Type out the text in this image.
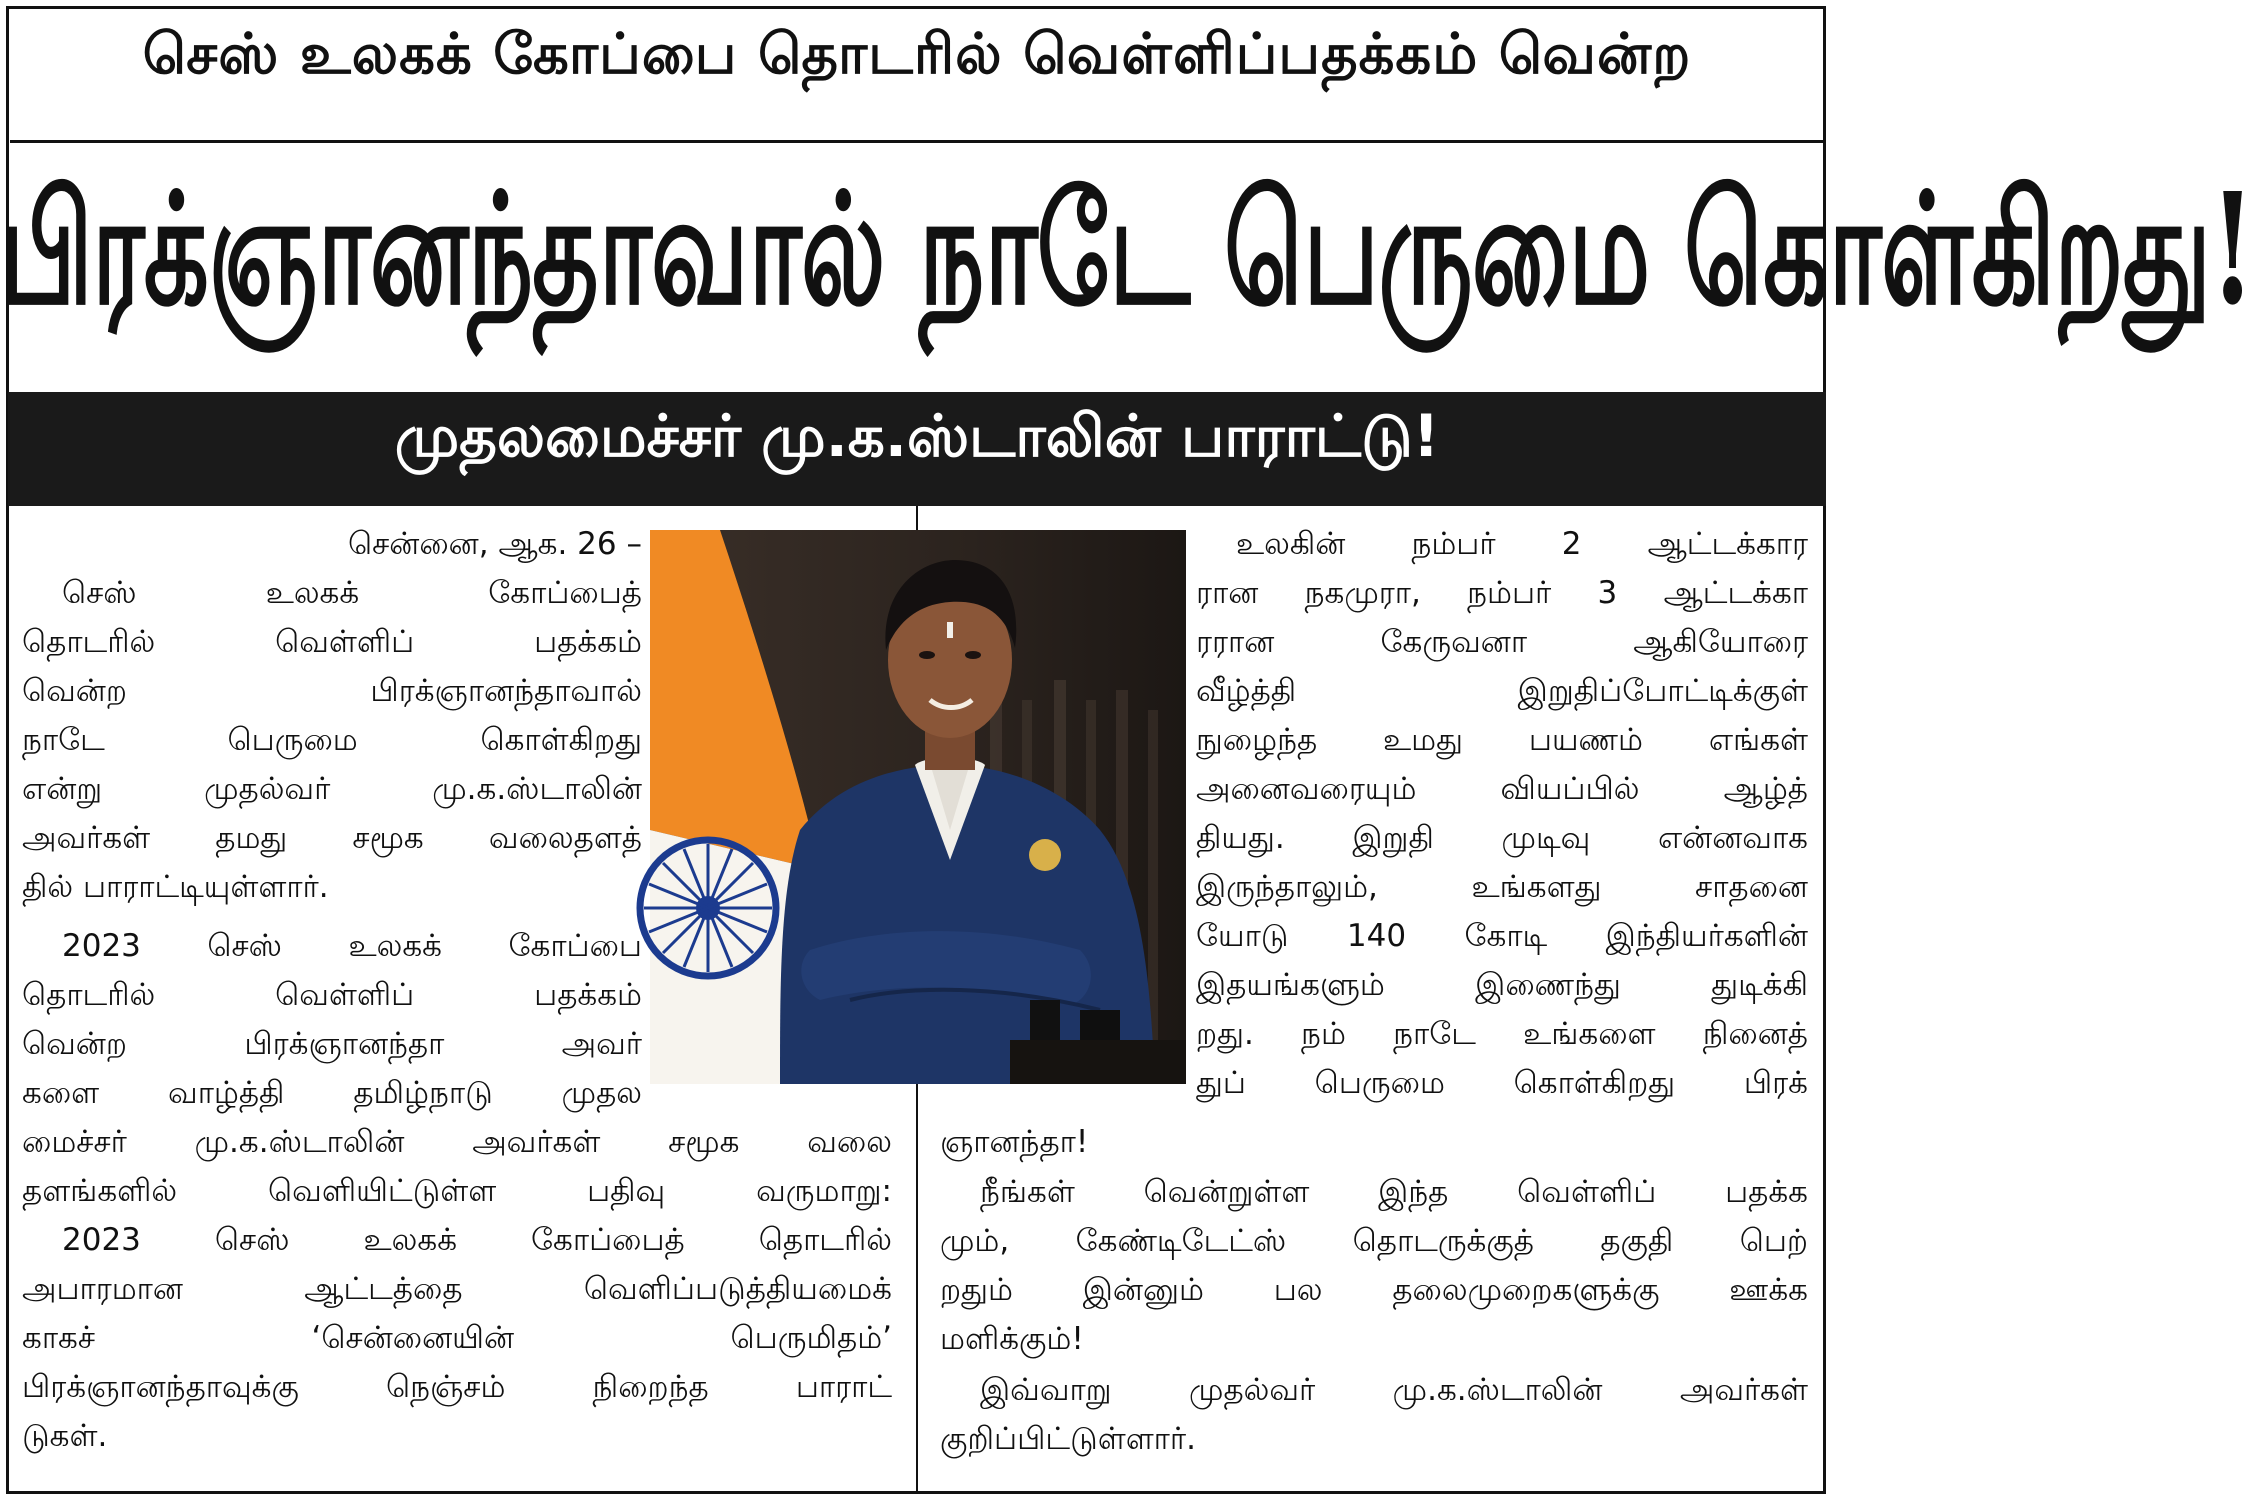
செஸ் உலகக் கோப்பை தொடரில் வெள்ளிப்பதக்கம் வென்ற
பிரக்ஞானந்தாவால் நாடே பெருமை கொள்கிறது!
முதலமைச்சர் மு.க.ஸ்டாலின் பாராட்டு!
சென்னை, ஆக. 26 –
செஸ் உலகக் கோப்பைத்
தொடரில் வெள்ளிப் பதக்கம்
வென்ற பிரக்ஞானந்தாவால்
நாடே பெருமை கொள்கிறது
என்று முதல்வர் மு.க.ஸ்டாலின்
அவர்கள் தமது சமூக வலைதளத்
தில் பாராட்டியுள்ளார்.
2023 செஸ் உலகக் கோப்பை
தொடரில் வெள்ளிப் பதக்கம்
வென்ற பிரக்ஞானந்தா அவர்
களை வாழ்த்தி தமிழ்நாடு முதல
மைச்சர் மு.க.ஸ்டாலின் அவர்கள் சமூக வலை
தளங்களில் வெளியிட்டுள்ள பதிவு வருமாறு:
2023 செஸ் உலகக் கோப்பைத் தொடரில்
அபாரமான ஆட்டத்தை வெளிப்படுத்தியமைக்
காகச் ‘சென்னையின் பெருமிதம்’
பிரக்ஞானந்தாவுக்கு நெஞ்சம் நிறைந்த பாராட்
டுகள்.
உலகின் நம்பர் 2 ஆட்டக்கார
ரான நகமுரா, நம்பர் 3 ஆட்டக்கா
ரரான கேருவனா ஆகியோரை
வீழ்த்தி இறுதிப்போட்டிக்குள்
நுழைந்த உமது பயணம் எங்கள்
அனைவரையும் வியப்பில் ஆழ்த்
தியது. இறுதி முடிவு என்னவாக
இருந்தாலும், உங்களது சாதனை
யோடு 140 கோடி இந்தியர்களின்
இதயங்களும் இணைந்து துடிக்கி
றது. நம் நாடே உங்களை நினைத்
துப் பெருமை கொள்கிறது பிரக்
ஞானந்தா!
நீங்கள் வென்றுள்ள இந்த வெள்ளிப் பதக்க
மும், கேண்டிடேட்ஸ் தொடருக்குத் தகுதி பெற்
றதும் இன்னும் பல தலைமுறைகளுக்கு ஊக்க
மளிக்கும்!
இவ்வாறு முதல்வர் மு.க.ஸ்டாலின் அவர்கள்
குறிப்பிட்டுள்ளார்.
